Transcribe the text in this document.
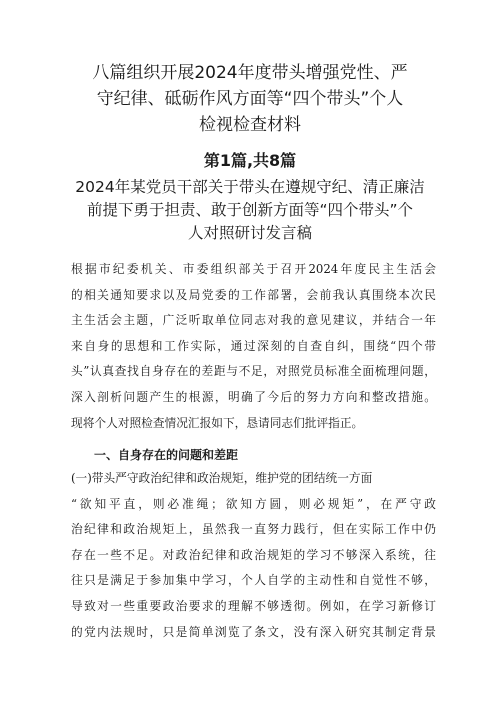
八篇组织开展2024年度带头增强党性、严
守纪律、砥砺作风方面等“四个带头”个人
检视检查材料
第1篇,共8篇
2024年某党员干部关于带头在遵规守纪、清正廉洁
前提下勇于担责、敢于创新方面等“四个带头”个
人对照研讨发言稿
根据市纪委机关、市委组织部关于召开2024年度民主生活会
的相关通知要求以及局党委的工作部署，会前我认真围绕本次民
主生活会主题，广泛听取单位同志对我的意见建议，并结合一年
来自身的思想和工作实际，通过深刻的自查自纠，围绕“四个带
头”认真查找自身存在的差距与不足，对照党员标准全面梳理问题，
深入剖析问题产生的根源，明确了今后的努力方向和整改措施。
现将个人对照检查情况汇报如下，恳请同志们批评指正。
一、自身存在的问题和差距
(一)带头严守政治纪律和政治规矩，维护党的团结统一方面
“欲知平直，则必准绳；欲知方圆，则必规矩”，在严守政
治纪律和政治规矩上，虽然我一直努力践行，但在实际工作中仍
存在一些不足。对政治纪律和政治规矩的学习不够深入系统，往
往只是满足于参加集中学习，个人自学的主动性和自觉性不够，
导致对一些重要政治要求的理解不够透彻。例如，在学习新修订
的党内法规时，只是简单浏览了条文，没有深入研究其制定背景
